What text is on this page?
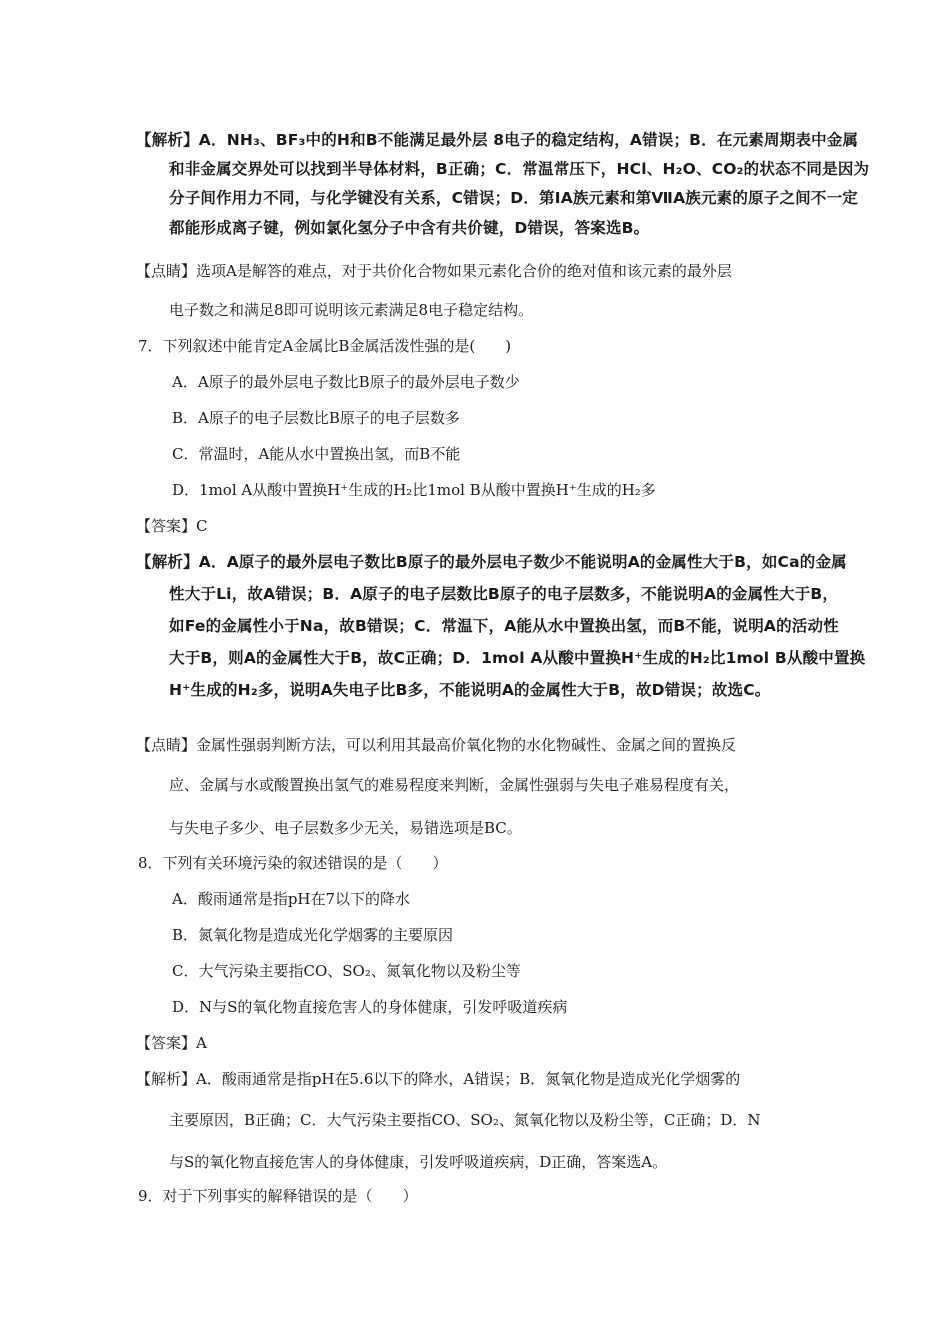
【解析】A．NH₃、BF₃中的H和B不能满足最外层 8电子的稳定结构，A错误；B．在元素周期表中金属
和非金属交界处可以找到半导体材料，B正确；C．常温常压下，HCl、H₂O、CO₂的状态不同是因为
分子间作用力不同，与化学键没有关系，C错误；D．第ⅠA族元素和第ⅦA族元素的原子之间不一定
都能形成离子键，例如氯化氢分子中含有共价键，D错误，答案选B。
【点睛】选项A是解答的难点，对于共价化合物如果元素化合价的绝对值和该元素的最外层
电子数之和满足8即可说明该元素满足8电子稳定结构。
7．下列叙述中能肯定A金属比B金属活泼性强的是(　　)
A．A原子的最外层电子数比B原子的最外层电子数少
B．A原子的电子层数比B原子的电子层数多
C．常温时，A能从水中置换出氢，而B不能
D．1mol A从酸中置换H⁺生成的H₂比1mol B从酸中置换H⁺生成的H₂多
【答案】C
【解析】A．A原子的最外层电子数比B原子的最外层电子数少不能说明A的金属性大于B，如Ca的金属
性大于Li，故A错误；B．A原子的电子层数比B原子的电子层数多，不能说明A的金属性大于B，
如Fe的金属性小于Na，故B错误；C．常温下，A能从水中置换出氢，而B不能，说明A的活动性
大于B，则A的金属性大于B，故C正确；D．1mol A从酸中置换H⁺生成的H₂比1mol B从酸中置换
H⁺生成的H₂多，说明A失电子比B多，不能说明A的金属性大于B，故D错误；故选C。
【点睛】金属性强弱判断方法，可以利用其最高价氧化物的水化物碱性、金属之间的置换反
应、金属与水或酸置换出氢气的难易程度来判断，金属性强弱与失电子难易程度有关，
与失电子多少、电子层数多少无关，易错选项是BC。
8．下列有关环境污染的叙述错误的是（　　）
A．酸雨通常是指pH在7以下的降水
B．氮氧化物是造成光化学烟雾的主要原因
C．大气污染主要指CO、SO₂、氮氧化物以及粉尘等
D．N与S的氧化物直接危害人的身体健康，引发呼吸道疾病
【答案】A
【解析】A．酸雨通常是指pH在5.6以下的降水，A错误；B．氮氧化物是造成光化学烟雾的
主要原因，B正确；C．大气污染主要指CO、SO₂、氮氧化物以及粉尘等，C正确；D．N
与S的氧化物直接危害人的身体健康，引发呼吸道疾病，D正确，答案选A。
9．对于下列事实的解释错误的是（　　）
